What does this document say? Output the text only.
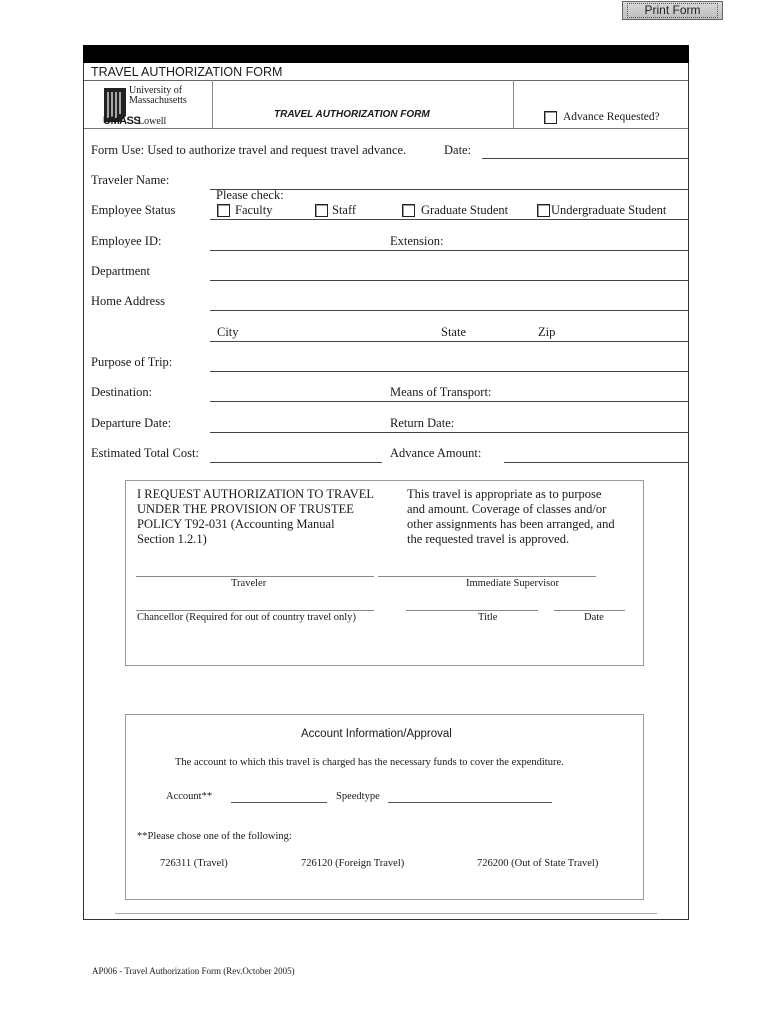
Print Form
TRAVEL AUTHORIZATION FORM
University of
Massachusetts
UMASS
Lowell
TRAVEL AUTHORIZATION FORM	Advance Requested?
Form Use: Used to authorize travel and request travel advance.	Date:
Traveler Name:
Please check:
Employee Status	Faculty	Staff	Graduate Student	Undergraduate Student
Employee ID:	Extension:
Department
Home Address
City	State	Zip
Purpose of Trip:
Destination:	Means of Transport:
Departure Date:	Return Date:
Estimated Total Cost:	Advance Amount:
I REQUEST AUTHORIZATION TO TRAVEL
UNDER THE PROVISION OF TRUSTEE
POLICY T92-031 (Accounting Manual
Section 1.2.1)
This travel is appropriate as to purpose
and amount. Coverage of classes and/or
other assignments has been arranged, and
the requested travel is approved.
Traveler	Immediate Supervisor
Chancellor (Required for out of country travel only)	Title	Date
Account Information/Approval
The account to which this travel is charged has the necessary funds to cover the expenditure.
Account**	Speedtype
**Please chose one of the following:
726311 (Travel)	726120 (Foreign Travel)	726200 (Out of State Travel)
AP006 - Travel Authorization Form (Rev.October 2005)
